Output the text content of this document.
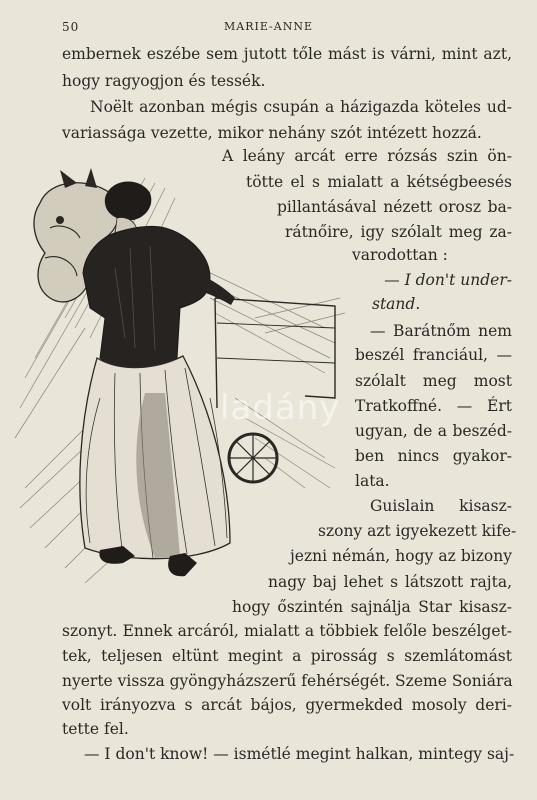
50	MARIE-ANNE
embernek eszébe sem jutott tőle mást is várni, mint azt,
hogy ragyogjon és tessék.
Noëlt azonban mégis csupán a házigazda köteles ud-
variassága vezette, mikor nehány szót intézett hozzá.
A leány arcát erre rózsás szin ön-
tötte el s mialatt a kétségbeesés
pillantásával nézett orosz ba-
rátnőire, igy szólalt meg za-
varodottan :
— I don't under-
stand.
— Barátnőm nem
beszél franciául, —
szólalt meg most
Tratkoffné. — Ért
ugyan, de a beszéd-
ben nincs gyakor-
lata.
Guislain kisasz-
szony azt igyekezett kife-
jezni némán, hogy az bizony
nagy baj lehet s látszott rajta,
hogy őszintén sajnálja Star kisasz-
szonyt. Ennek arcáról, mialatt a többiek felőle beszélget-
tek, teljesen eltünt megint a pirosság s szemlátomást
nyerte vissza gyöngyházszerű fehérségét. Szeme Soniára
volt irányozva s arcát bájos, gyermekded mosoly deri-
tette fel.
— I don't know! — ismétlé megint halkan, mintegy saj-
ladány
